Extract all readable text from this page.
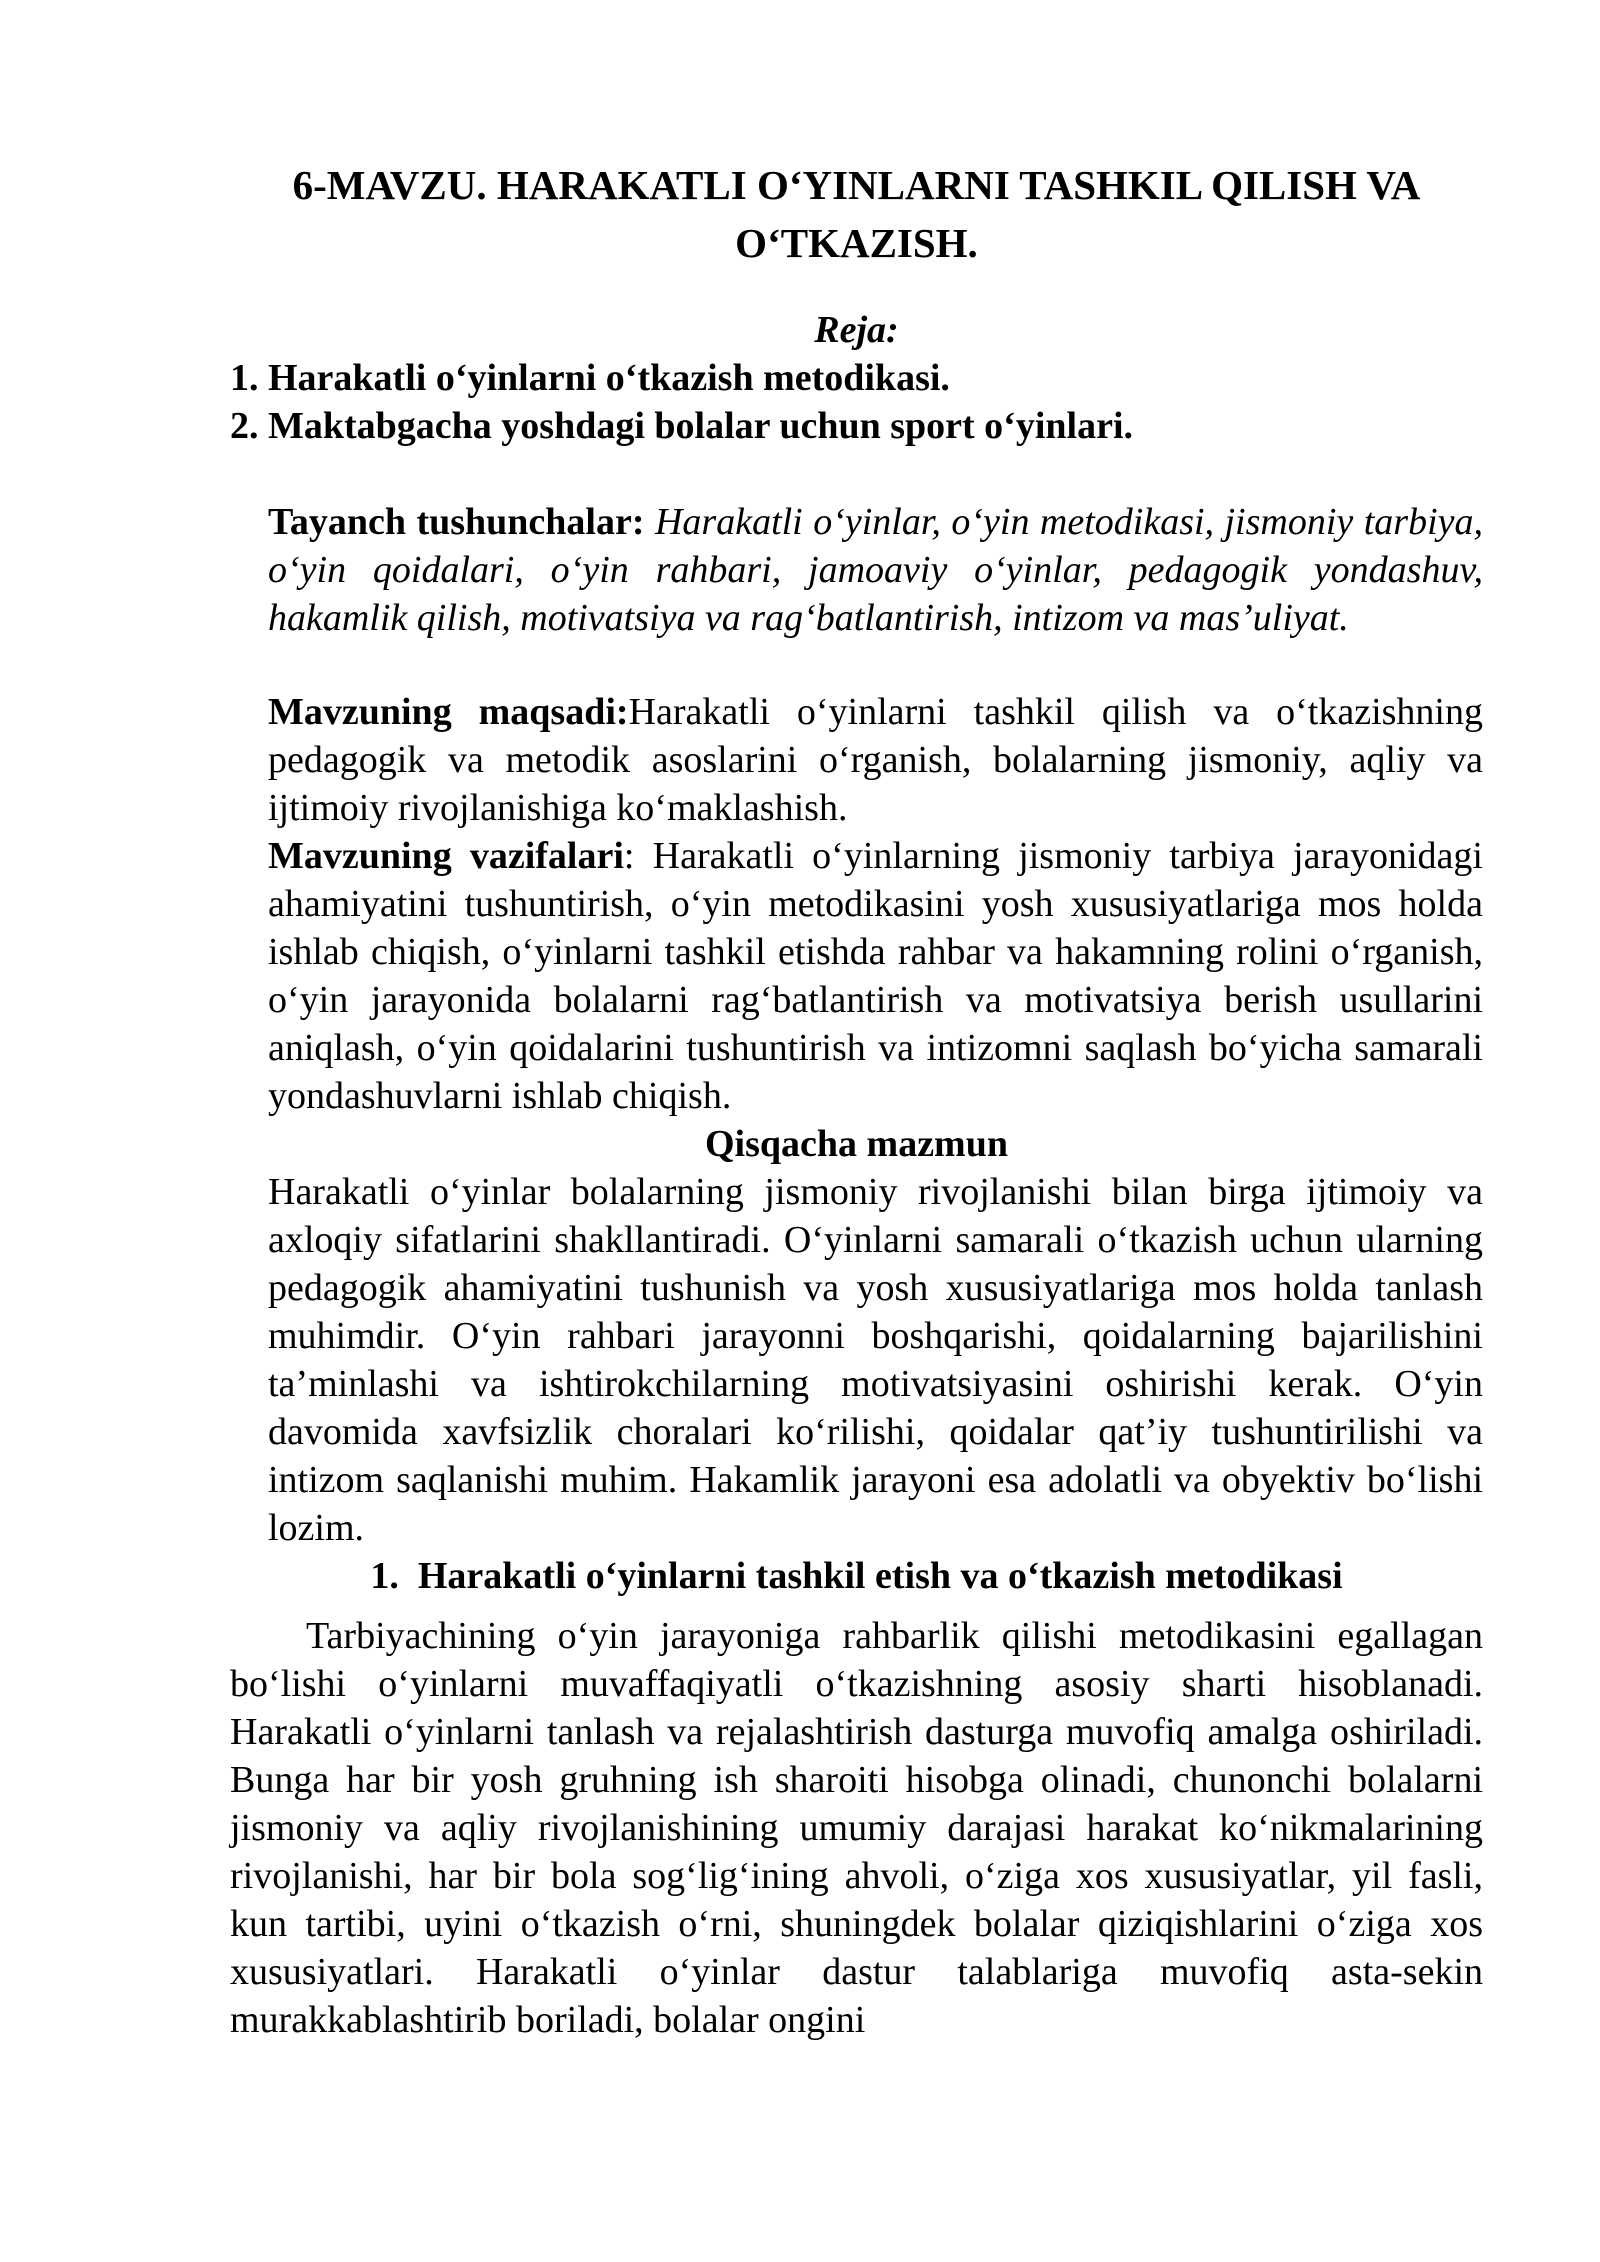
6-MAVZU. HARAKATLI O‘YINLARNI TASHKIL QILISH VA
O‘TKAZISH.

Reja:

1. Harakatli o‘yinlarni o‘tkazish metodikasi.

2. Maktabgacha yoshdagi bolalar uchun sport o‘yinlari.

Tayanch tushunchalar: Harakatli o‘yinlar, o‘yin metodikasi, jismoniy tarbiya, o‘yin qoidalari, o‘yin rahbari, jamoaviy o‘yinlar, pedagogik yondashuv, hakamlik qilish, motivatsiya va rag‘batlantirish, intizom va mas’uliyat.

Mavzuning maqsadi:Harakatli o‘yinlarni tashkil qilish va o‘tkazishning pedagogik va metodik asoslarini o‘rganish, bolalarning jismoniy, aqliy va ijtimoiy rivojlanishiga ko‘maklashish.

Mavzuning vazifalari: Harakatli o‘yinlarning jismoniy tarbiya jarayonidagi ahamiyatini tushuntirish, o‘yin metodikasini yosh xususiyatlariga mos holda ishlab chiqish, o‘yinlarni tashkil etishda rahbar va hakamning rolini o‘rganish, o‘yin jarayonida bolalarni rag‘batlantirish va motivatsiya berish usullarini aniqlash, o‘yin qoidalarini tushuntirish va intizomni saqlash bo‘yicha samarali yondashuvlarni ishlab chiqish.

Qisqacha mazmun

Harakatli o‘yinlar bolalarning jismoniy rivojlanishi bilan birga ijtimoiy va axloqiy sifatlarini shakllantiradi. O‘yinlarni samarali o‘tkazish uchun ularning pedagogik ahamiyatini tushunish va yosh xususiyatlariga mos holda tanlash muhimdir. O‘yin rahbari jarayonni boshqarishi, qoidalarning bajarilishini ta’minlashi va ishtirokchilarning motivatsiyasini oshirishi kerak. O‘yin davomida xavfsizlik choralari ko‘rilishi, qoidalar qat’iy tushuntirilishi va intizom saqlanishi muhim. Hakamlik jarayoni esa adolatli va obyektiv bo‘lishi lozim.

1.  Harakatli o‘yinlarni tashkil etish va o‘tkazish metodikasi

Tarbiyachining o‘yin jarayoniga rahbarlik qilishi metodikasini egallagan bo‘lishi o‘yinlarni muvaffaqiyatli o‘tkazishning asosiy sharti hisoblanadi. Harakatli o‘yinlarni tanlash va rejalashtirish dasturga muvofiq amalga oshiriladi. Bunga har bir yosh gruhning ish sharoiti hisobga olinadi, chunonchi bolalarni jismoniy va aqliy rivojlanishining umumiy darajasi harakat ko‘nikmalarining rivojlanishi, har bir bola sog‘lig‘ining ahvoli, o‘ziga xos xususiyatlar, yil fasli, kun tartibi, uyini o‘tkazish o‘rni, shuningdek bolalar qiziqishlarini o‘ziga xos xususiyatlari. Harakatli o‘yinlar dastur talablariga muvofiq asta-sekin murakkablashtirib boriladi, bolalar ongini
